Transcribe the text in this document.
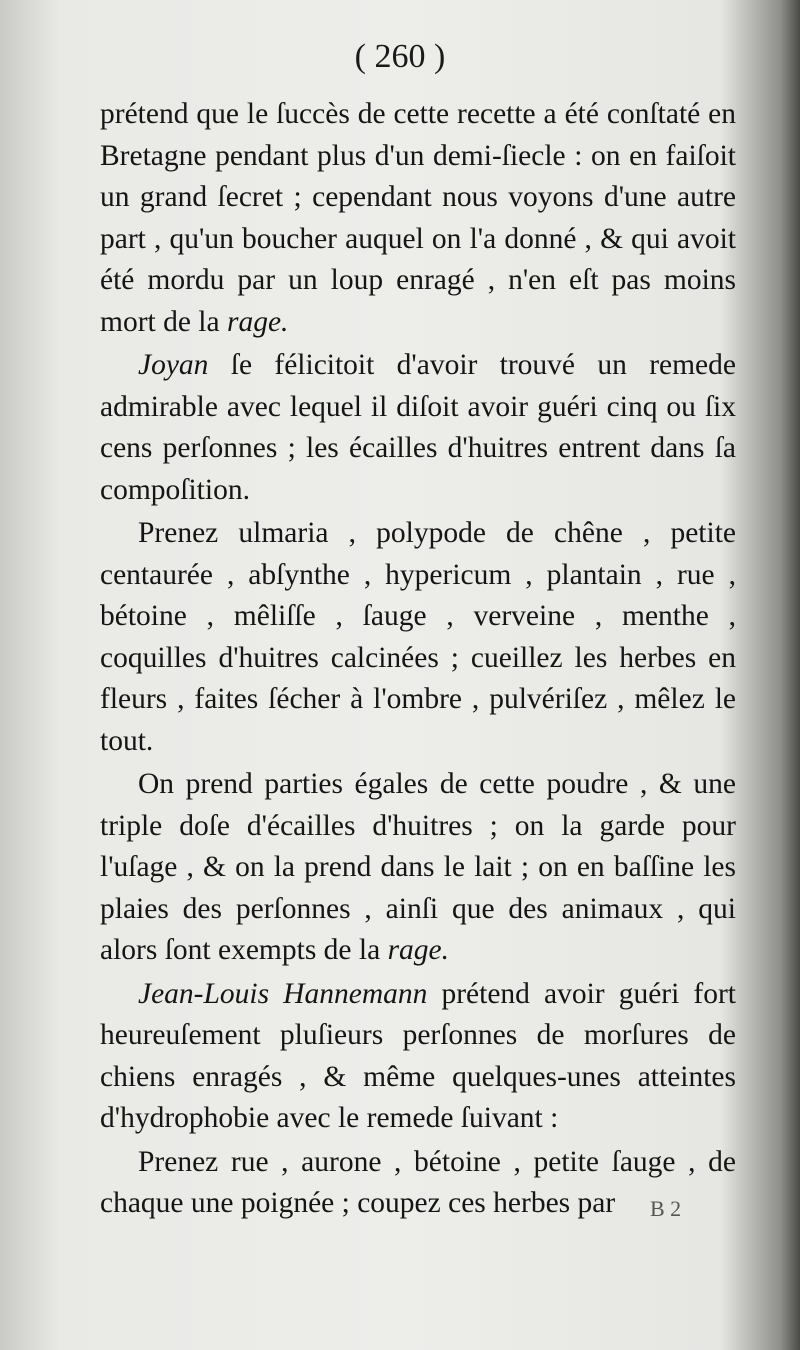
( 260 )

prétend que le ſuccès de cette recette a été conſtaté en Bretagne pendant plus d'un demi-ſiecle : on en faiſoit un grand ſecret ; cependant nous voyons d'une autre part , qu'un boucher auquel on l'a donné , & qui avoit été mordu par un loup enragé , n'en eſt pas moins mort de la rage.

Joyan ſe félicitoit d'avoir trouvé un remede admirable avec lequel il diſoit avoir guéri cinq ou ſix cens perſonnes ; les écailles d'huitres entrent dans ſa compoſition.

Prenez ulmaria , polypode de chêne , petite centaurée , abſynthe , hypericum , plantain , rue , bétoine , mêliſſe , ſauge , verveine , menthe , coquilles d'huitres calcinées ; cueillez les herbes en fleurs , faites ſécher à l'ombre , pulvériſez , mêlez le tout.

On prend parties égales de cette poudre , & une triple doſe d'écailles d'huitres ; on la garde pour l'uſage , & on la prend dans le lait ; on en baſſine les plaies des perſonnes , ainſi que des animaux , qui alors ſont exempts de la rage.

Jean-Louis Hannemann prétend avoir guéri fort heureuſement pluſieurs perſonnes de morſures de chiens enragés , & même quelques-unes atteintes d'hydrophobie avec le remede ſuivant :

Prenez rue , aurone , bétoine , petite ſauge , de chaque une poignée ; coupez ces herbes par	B 2
